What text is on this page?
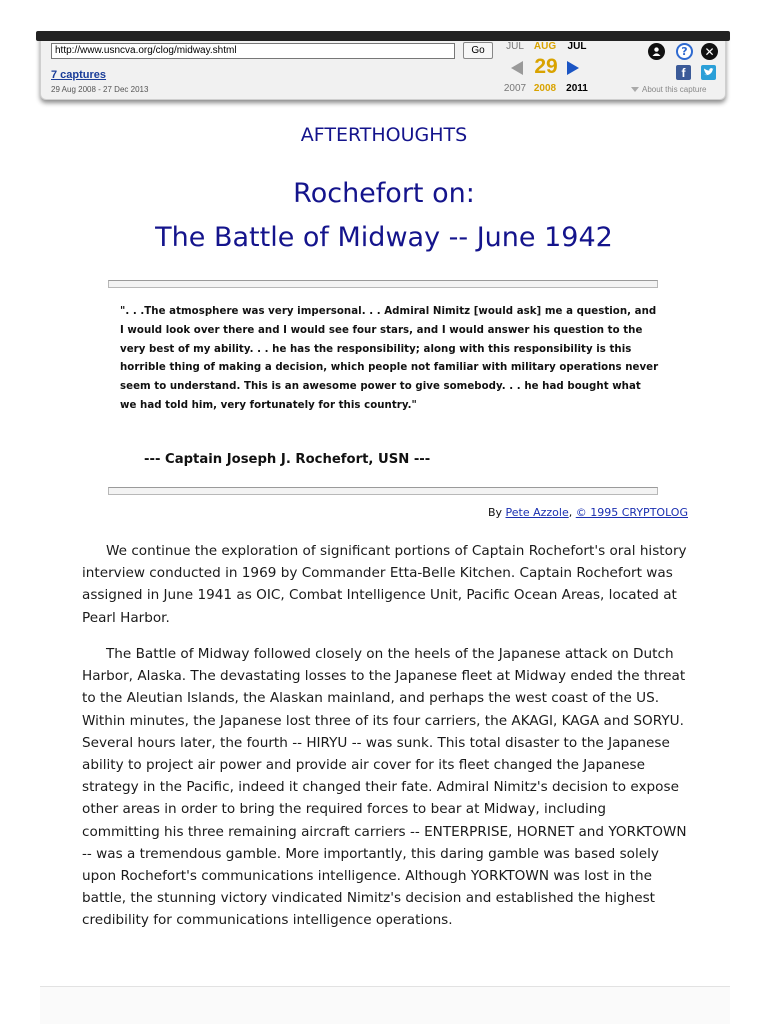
http://www.usncva.org/clog/midway.shtml	Go
7 captures
29 Aug 2008 - 27 Dec 2013
JUL AUG	JUL
29
2007 2008	2011
?	✕
f
About this capture
AFTERTHOUGHTS
Rochefort on:
The Battle of Midway -- June 1942
". . .The atmosphere was very impersonal. . . Admiral Nimitz [would ask] me a question, and I would look over there and I would see four stars, and I would answer his question to the very best of my ability. . . he has the responsibility; along with this responsibility is this horrible thing of making a decision, which people not familiar with military operations never seem to understand. This is an awesome power to give somebody. . . he had bought what we had told him, very fortunately for this country."
--- Captain Joseph J. Rochefort, USN ---
By Pete Azzole, © 1995 CRYPTOLOG
We continue the exploration of significant portions of Captain Rochefort's oral history interview conducted in 1969 by Commander Etta-Belle Kitchen. Captain Rochefort was assigned in June 1941 as OIC, Combat Intelligence Unit, Pacific Ocean Areas, located at Pearl Harbor.
The Battle of Midway followed closely on the heels of the Japanese attack on Dutch Harbor, Alaska. The devastating losses to the Japanese fleet at Midway ended the threat to the Aleutian Islands, the Alaskan mainland, and perhaps the west coast of the US. Within minutes, the Japanese lost three of its four carriers, the AKAGI, KAGA and SORYU. Several hours later, the fourth -- HIRYU -- was sunk. This total disaster to the Japanese ability to project air power and provide air cover for its fleet changed the Japanese strategy in the Pacific, indeed it changed their fate. Admiral Nimitz's decision to expose other areas in order to bring the required forces to bear at Midway, including committing his three remaining aircraft carriers -- ENTERPRISE, HORNET and YORKTOWN -- was a tremendous gamble. More importantly, this daring gamble was based solely upon Rochefort's communications intelligence. Although YORKTOWN was lost in the battle, the stunning victory vindicated Nimitz's decision and established the highest credibility for communications intelligence operations.
